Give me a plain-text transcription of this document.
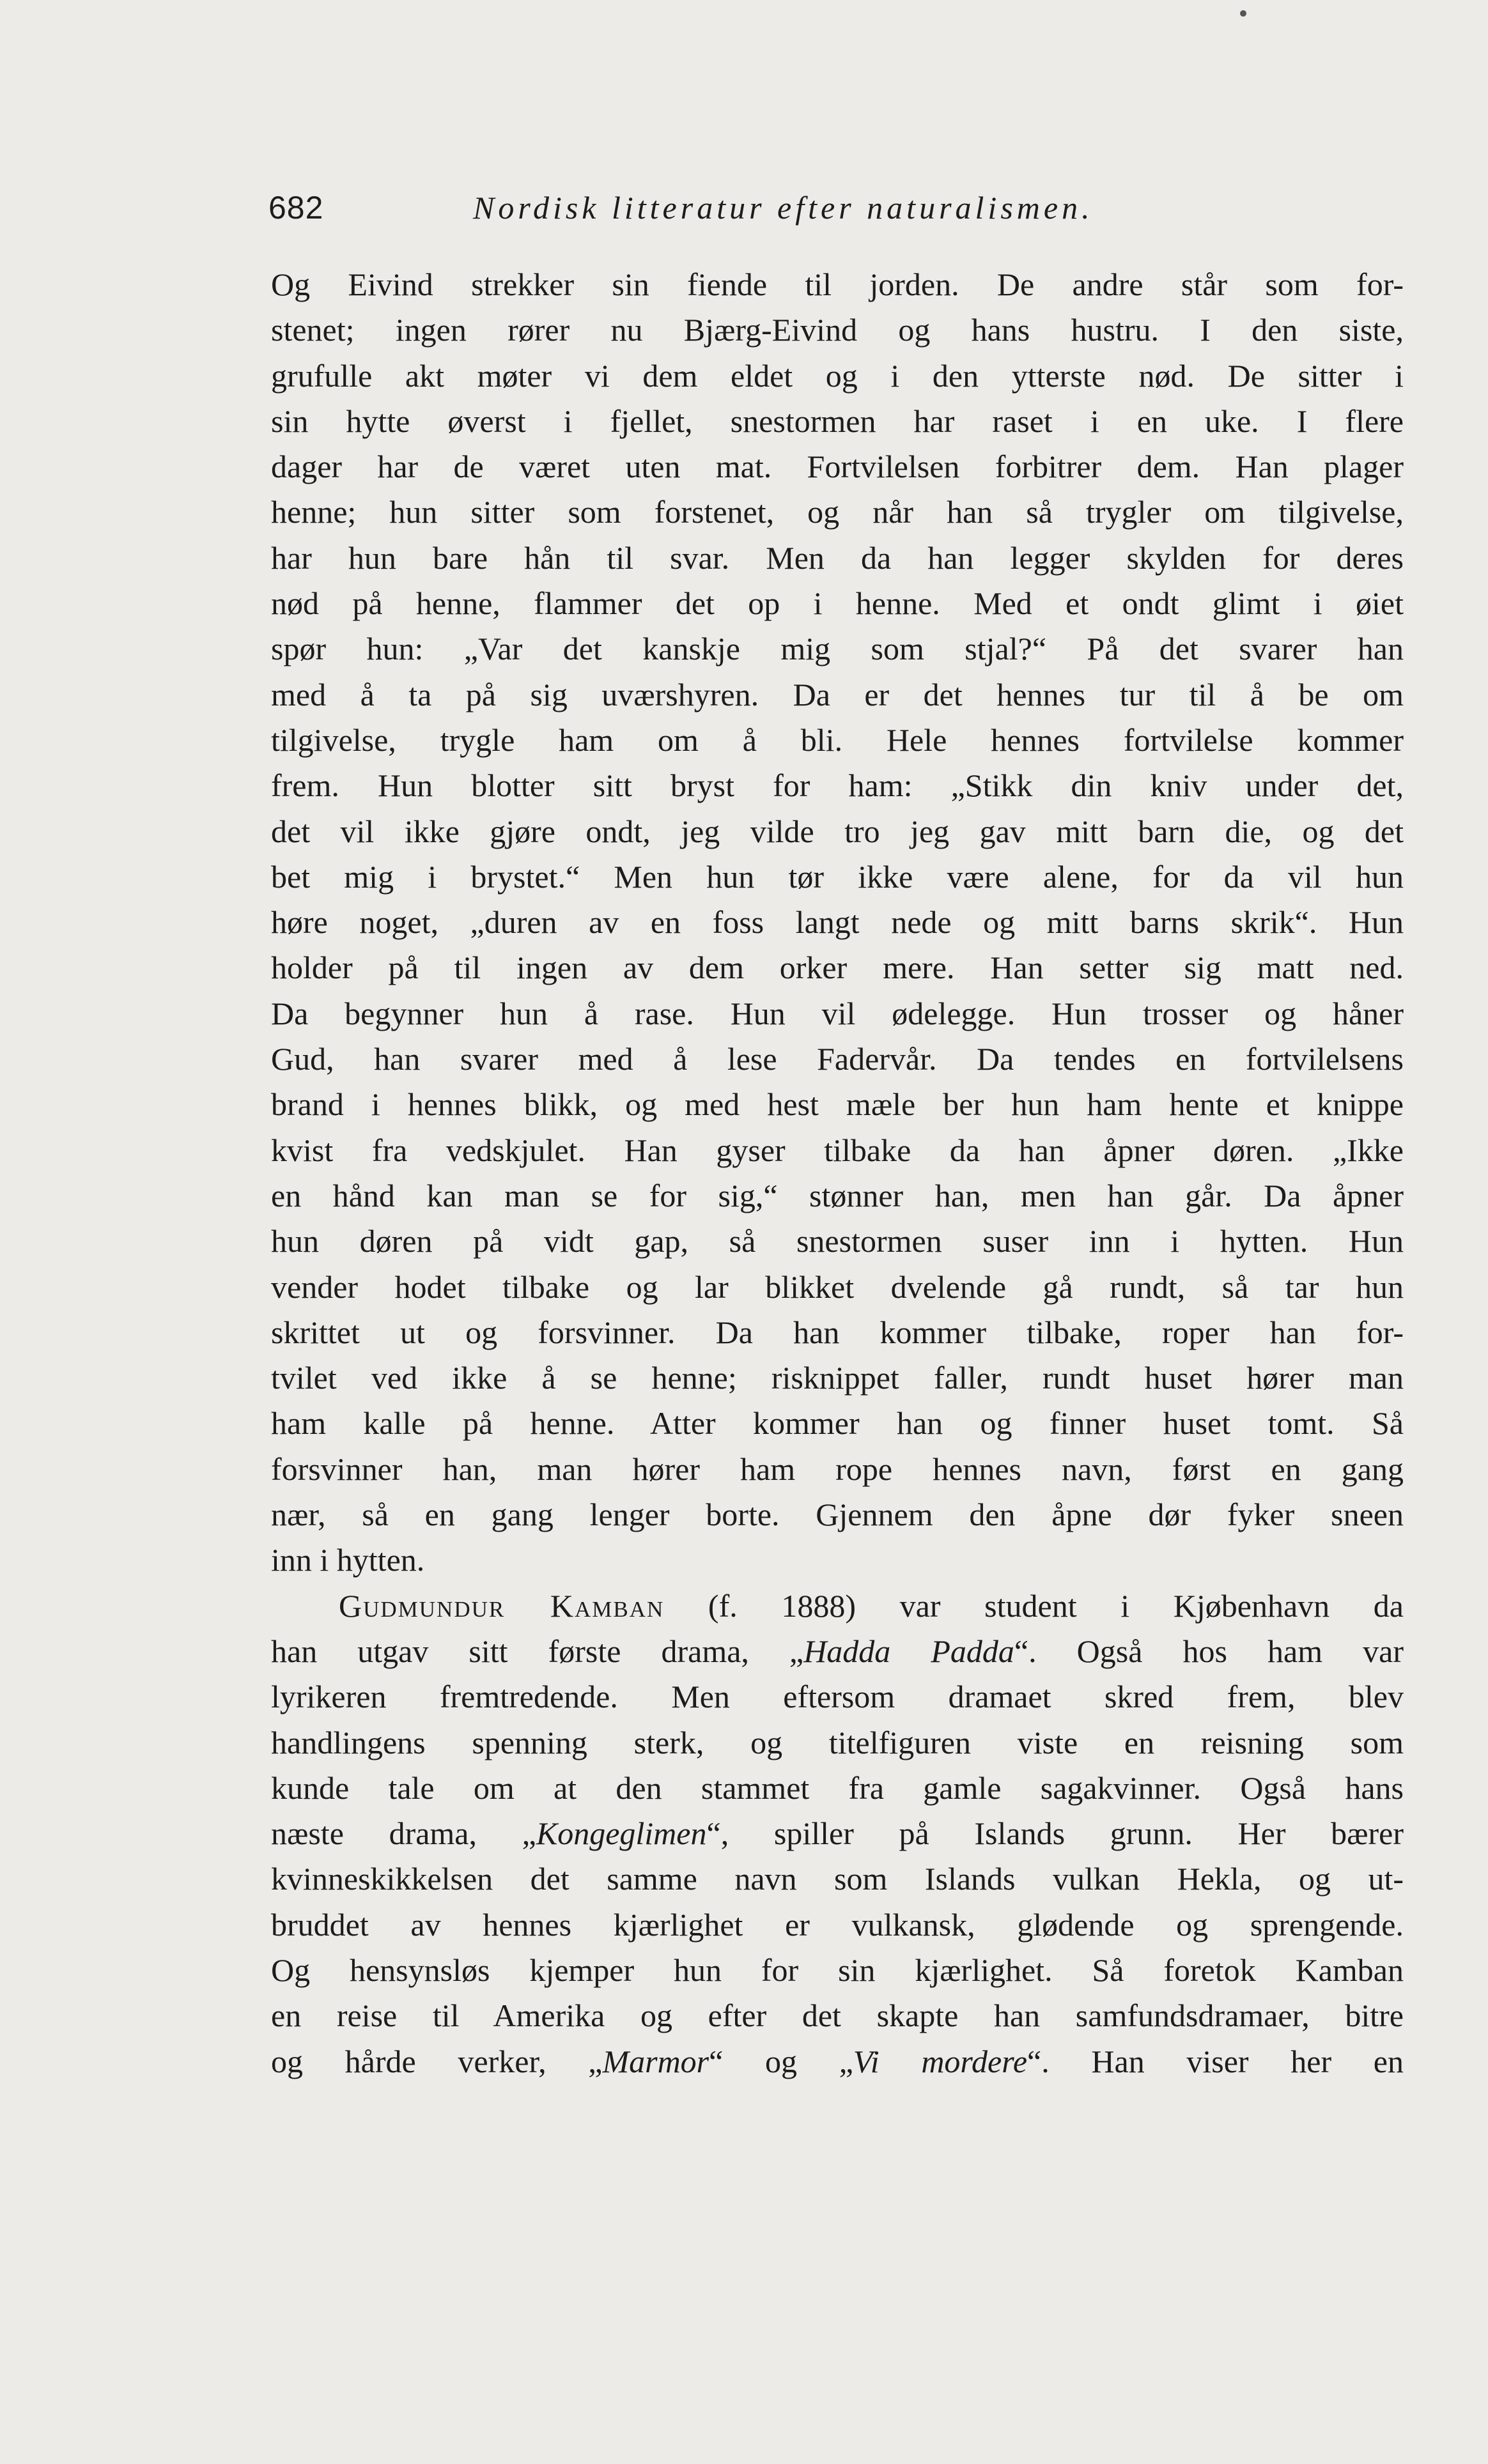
682	Nordisk litteratur efter naturalismen.
Og Eivind strekker sin fiende til jorden. De andre står som for-
stenet; ingen rører nu Bjærg-Eivind og hans hustru. I den siste,
grufulle akt møter vi dem eldet og i den ytterste nød. De sitter i
sin hytte øverst i fjellet, snestormen har raset i en uke. I flere
dager har de været uten mat. Fortvilelsen forbitrer dem. Han plager
henne; hun sitter som forstenet, og når han så trygler om tilgivelse,
har hun bare hån til svar. Men da han legger skylden for deres
nød på henne, flammer det op i henne. Med et ondt glimt i øiet
spør hun: „Var det kanskje mig som stjal?“ På det svarer han
med å ta på sig uværshyren. Da er det hennes tur til å be om
tilgivelse, trygle ham om å bli. Hele hennes fortvilelse kommer
frem. Hun blotter sitt bryst for ham: „Stikk din kniv under det,
det vil ikke gjøre ondt, jeg vilde tro jeg gav mitt barn die, og det
bet mig i brystet.“ Men hun tør ikke være alene, for da vil hun
høre noget, „duren av en foss langt nede og mitt barns skrik“. Hun
holder på til ingen av dem orker mere. Han setter sig matt ned.
Da begynner hun å rase. Hun vil ødelegge. Hun trosser og håner
Gud, han svarer med å lese Fadervår. Da tendes en fortvilelsens
brand i hennes blikk, og med hest mæle ber hun ham hente et knippe
kvist fra vedskjulet. Han gyser tilbake da han åpner døren. „Ikke
en hånd kan man se for sig,“ stønner han, men han går. Da åpner
hun døren på vidt gap, så snestormen suser inn i hytten. Hun
vender hodet tilbake og lar blikket dvelende gå rundt, så tar hun
skrittet ut og forsvinner. Da han kommer tilbake, roper han for-
tvilet ved ikke å se henne; risknippet faller, rundt huset hører man
ham kalle på henne. Atter kommer han og finner huset tomt. Så
forsvinner han, man hører ham rope hennes navn, først en gang
nær, så en gang lenger borte. Gjennem den åpne dør fyker sneen
inn i hytten.
Gudmundur Kamban (f. 1888) var student i Kjøbenhavn da
han utgav sitt første drama, „Hadda Padda“. Også hos ham var
lyrikeren fremtredende. Men eftersom dramaet skred frem, blev
handlingens spenning sterk, og titelfiguren viste en reisning som
kunde tale om at den stammet fra gamle sagakvinner. Også hans
næste drama, „Kongeglimen“, spiller på Islands grunn. Her bærer
kvinneskikkelsen det samme navn som Islands vulkan Hekla, og ut-
bruddet av hennes kjærlighet er vulkansk, glødende og sprengende.
Og hensynsløs kjemper hun for sin kjærlighet. Så foretok Kamban
en reise til Amerika og efter det skapte han samfundsdramaer, bitre
og hårde verker, „Marmor“ og „Vi mordere“. Han viser her en
